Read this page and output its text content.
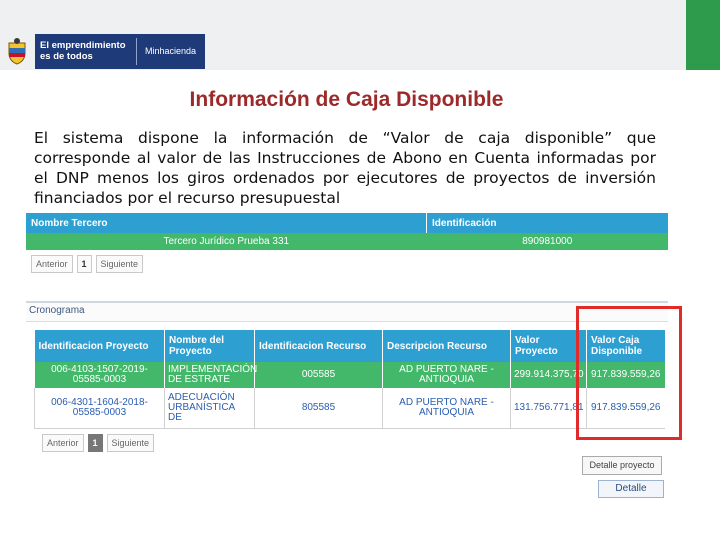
El emprendimiento
es de todos	Minhacienda
Información de Caja Disponible
El sistema dispone la información de “Valor de caja disponible” que corresponde al valor de las Instrucciones de Abono en Cuenta informadas por el DNP menos los giros ordenados por ejecutores de proyectos de inversión financiados por el recurso presupuestal
Nombre Tercero	Identificación
Tercero Jurídico Prueba 331	890981000
Anterior	1	Siguiente
Cronograma
Identificacion Proyecto	Nombre del Proyecto	Identificacion Recurso	Descripcion Recurso	Valor Proyecto	Valor Caja Disponible
006-4103-1507-2019-05585-0003	IMPLEMENTACIÓN DE ESTRATE	005585	AD PUERTO NARE - ANTIOQUIA	299.914.375,70	917.839.559,26
006-4301-1604-2018-05585-0003	ADECUACIÓN URBANÍSTICA DE	805585	AD PUERTO NARE - ANTIOQUIA	131.756.771,81	917.839.559,26
Anterior	1	Siguiente
Detalle proyecto
Detalle
